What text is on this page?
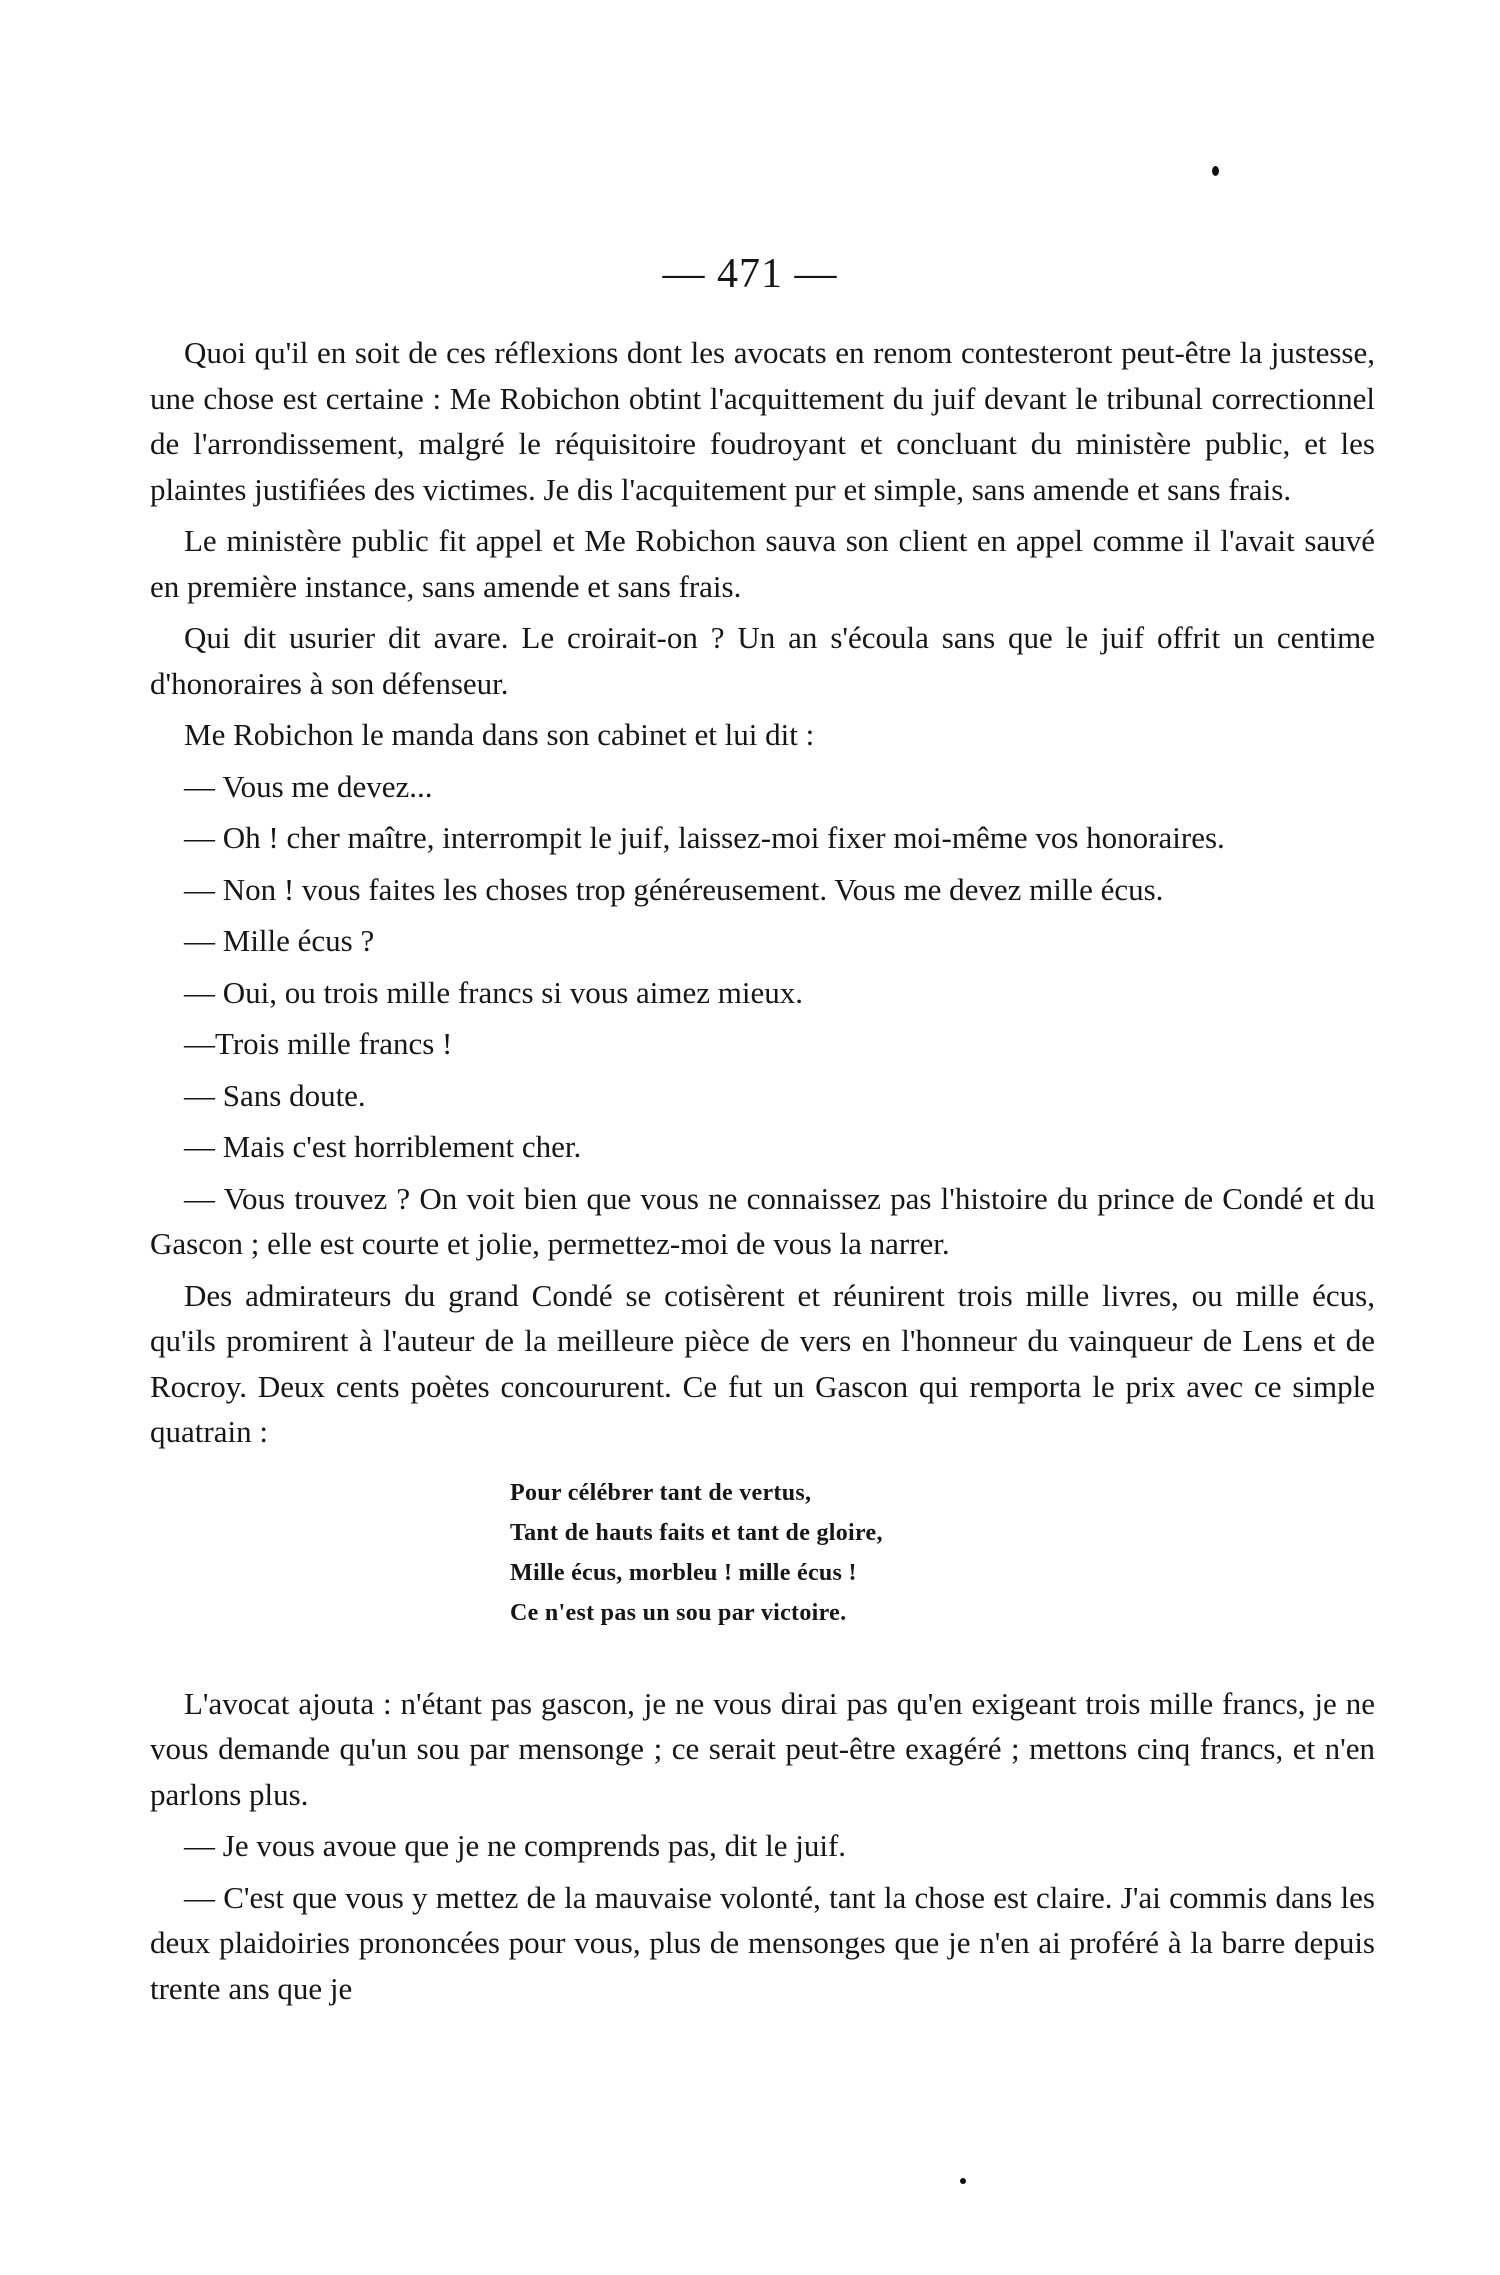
— 471 —

Quoi qu'il en soit de ces réflexions dont les avocats en renom contesteront peut-être la justesse, une chose est certaine : Me Robichon obtint l'acquittement du juif devant le tribunal correctionnel de l'arrondissement, malgré le réquisitoire foudroyant et concluant du ministère public, et les plaintes justifiées des victimes. Je dis l'acquitement pur et simple, sans amende et sans frais.

Le ministère public fit appel et Me Robichon sauva son client en appel comme il l'avait sauvé en première instance, sans amende et sans frais.

Qui dit usurier dit avare. Le croirait-on ? Un an s'écoula sans que le juif offrit un centime d'honoraires à son défenseur.

Me Robichon le manda dans son cabinet et lui dit :

— Vous me devez...

— Oh ! cher maître, interrompit le juif, laissez-moi fixer moi-même vos honoraires.

— Non ! vous faites les choses trop généreusement. Vous me devez mille écus.

— Mille écus ?

— Oui, ou trois mille francs si vous aimez mieux.

—Trois mille francs !

— Sans doute.

— Mais c'est horriblement cher.

— Vous trouvez ? On voit bien que vous ne connaissez pas l'histoire du prince de Condé et du Gascon ; elle est courte et jolie, permettez-moi de vous la narrer.

Des admirateurs du grand Condé se cotisèrent et réunirent trois mille livres, ou mille écus, qu'ils promirent à l'auteur de la meilleure pièce de vers en l'honneur du vainqueur de Lens et de Rocroy. Deux cents poètes concoururent. Ce fut un Gascon qui remporta le prix avec ce simple quatrain :

Pour célébrer tant de vertus,
Tant de hauts faits et tant de gloire,
Mille écus, morbleu ! mille écus !
Ce n'est pas un sou par victoire.

L'avocat ajouta : n'étant pas gascon, je ne vous dirai pas qu'en exigeant trois mille francs, je ne vous demande qu'un sou par mensonge ; ce serait peut-être exagéré ; mettons cinq francs, et n'en parlons plus.

— Je vous avoue que je ne comprends pas, dit le juif.

— C'est que vous y mettez de la mauvaise volonté, tant la chose est claire. J'ai commis dans les deux plaidoiries prononcées pour vous, plus de mensonges que je n'en ai proféré à la barre depuis trente ans que je
